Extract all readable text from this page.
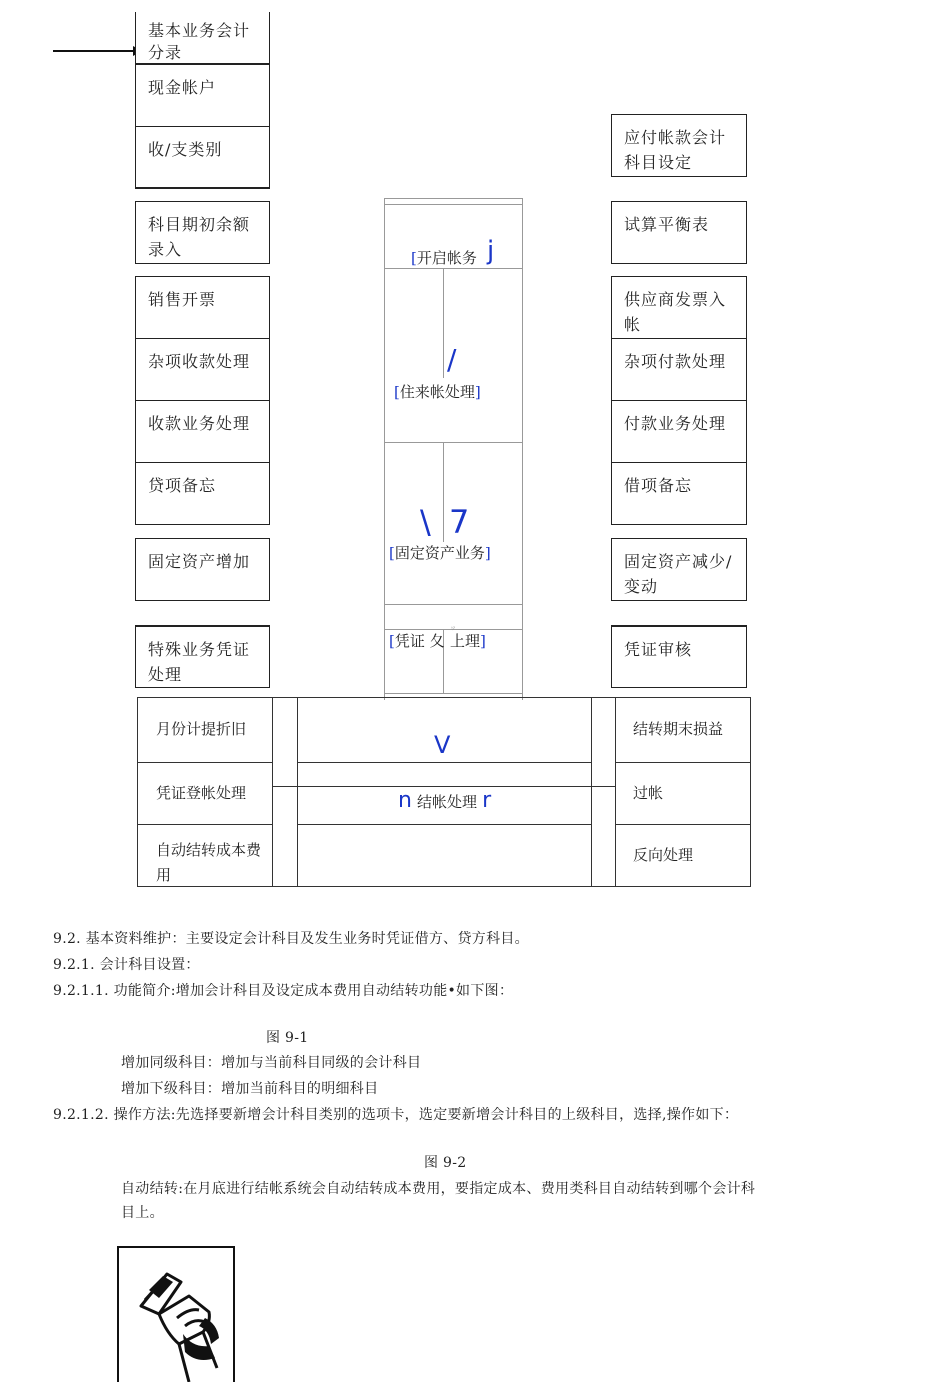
基本业务会计分录
现金帐户
收/支类别
科目期初余额录入
销售开票
杂项收款处理
收款业务处理
贷项备忘
固定资产增加
特殊业务凭证处理
应付帐款会计科目设定
试算平衡表
供应商发票入帐
杂项付款处理
付款业务处理
借项备忘
固定资产减少/变动
凭证审核
[开启帐务 j
/
[住来帐处理]
\ 7
[固定资产业务]
[凭证 夂 上理]
ヮ
月份计提折旧
凭证登帐处理
自动结转成本费用
结转期末损益
过帐
反向处理
V
n 结帐处理 r
9.2. 基本资料维护：主要设定会计科目及发生业务时凭证借方、贷方科目。
9.2.1. 会计科目设置：
9.2.1.1. 功能简介:增加会计科目及设定成本费用自动结转功能•如下图：
图 9-1
增加同级科目：增加与当前科目同级的会计科目
增加下级科目：增加当前科目的明细科目
9.2.1.2. 操作方法:先选择要新增会计科目类别的选项卡，选定要新增会计科目的上级科目，选择,操作如下：
图 9-2
自动结转:在月底进行结帐系统会自动结转成本费用，要指定成本、费用类科目自动结转到哪个会计科
目上。
